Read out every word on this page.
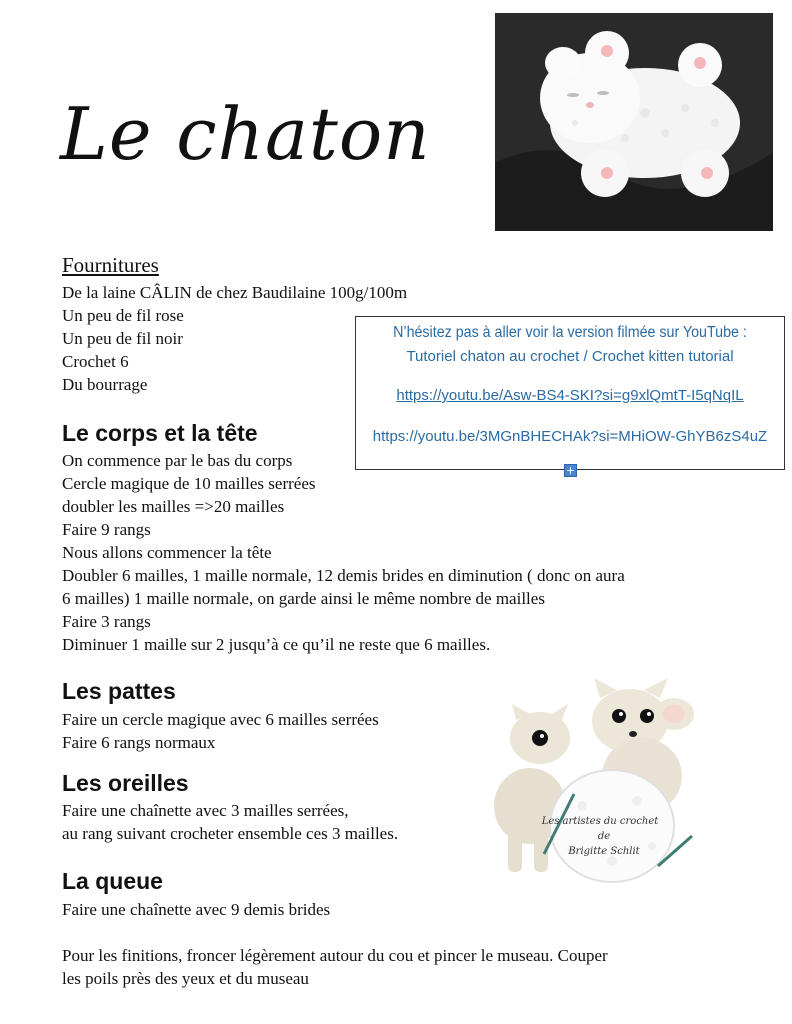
Le chaton
Fournitures
De la laine CÂLIN de chez Baudilaine 100g/100m
Un peu de fil rose
Un peu de fil noir
Crochet 6
Du bourrage
N’hésitez pas à aller voir la version filmée sur YouTube :
Tutoriel chaton au crochet / Crochet kitten tutorial
https://youtu.be/Asw-BS4-SKI?si=g9xlQmtT-I5qNqIL
https://youtu.be/3MGnBHECHAk?si=MHiOW-GhYB6zS4uZ
+
Le corps et la tête
On commence par le bas du corps
Cercle magique de 10 mailles serrées
doubler les mailles =>20 mailles
Faire 9 rangs
Nous allons commencer la tête
Doubler 6 mailles, 1 maille normale, 12 demis brides en diminution ( donc on aura
6 mailles) 1 maille normale, on garde ainsi le même nombre de mailles
Faire 3 rangs
Diminuer 1 maille sur 2 jusqu’à ce qu’il ne reste que 6 mailles.
Les pattes
Faire un cercle magique avec 6 mailles serrées
Faire 6 rangs normaux
Les oreilles
Faire une chaînette avec 3 mailles serrées,
au rang suivant crocheter ensemble ces 3 mailles.
La queue
Faire une chaînette avec 9 demis brides
Pour les finitions, froncer légèrement autour du cou et pincer le museau. Couper
les poils près des yeux et du museau
Les artistes du crochet
de
Brigitte Schlit
